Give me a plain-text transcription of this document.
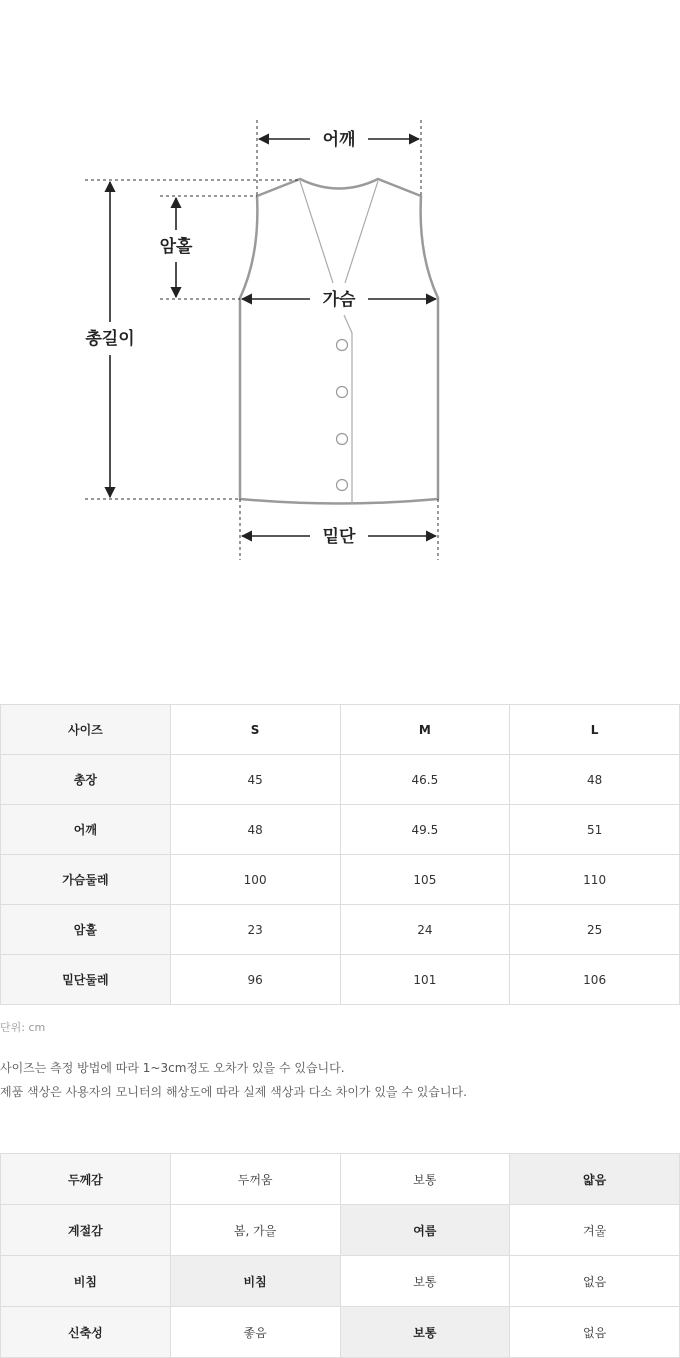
어깨
가슴
밑단
암홀
총길이
사이즈	S	M	L
총장	45	46.5	48
어깨	48	49.5	51
가슴둘레	100	105	110
암홀	23	24	25
밑단둘레	96	101	106
단위: cm
사이즈는 측정 방법에 따라 1~3cm정도 오차가 있을 수 있습니다.
제품 색상은 사용자의 모니터의 해상도에 따라 실제 색상과 다소 차이가 있을 수 있습니다.
두께감	두꺼움	보통	얇음
계절감	봄, 가을	여름	겨울
비침	비침	보통	없음
신축성	좋음	보통	없음
